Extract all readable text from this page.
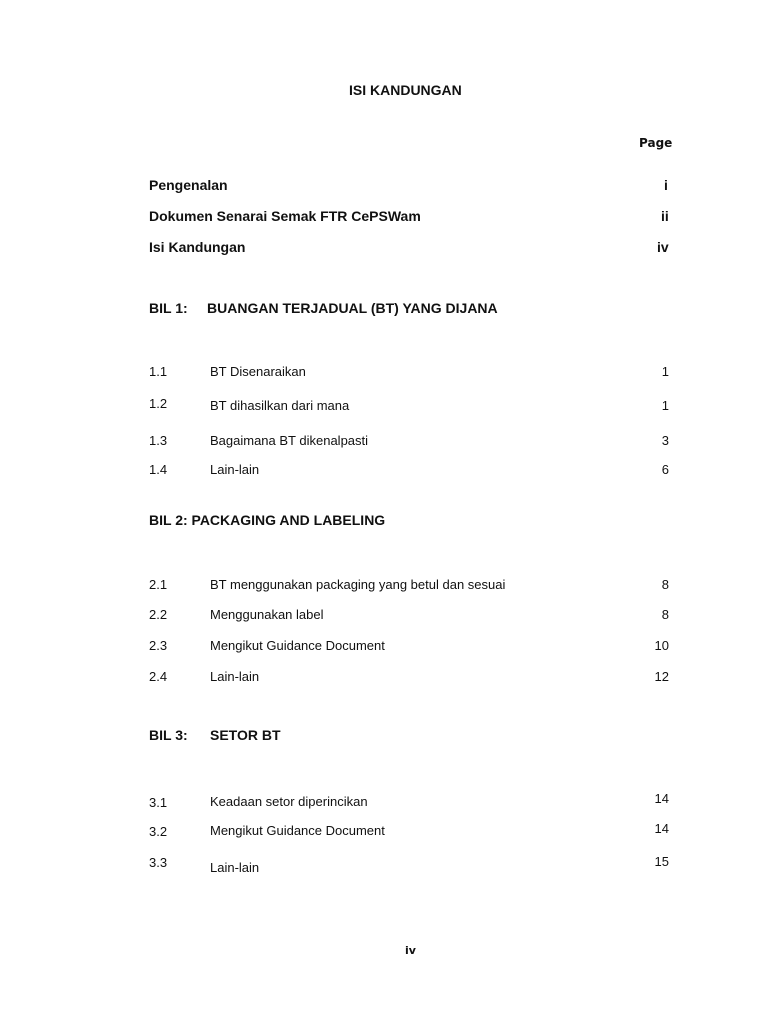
ISI KANDUNGAN
Page
Pengenalan	i
Dokumen Senarai Semak FTR CePSWam	ii
Isi Kandungan	iv
BIL 1: BUANGAN TERJADUAL (BT) YANG DIJANA
1.1	BT Disenaraikan	1
1.2	BT dihasilkan dari mana	1
1.3	Bagaimana BT dikenalpasti	3
1.4	Lain-lain	6
BIL 2: PACKAGING AND LABELING
2.1	BT menggunakan packaging yang betul dan sesuai	8
2.2	Menggunakan label	8
2.3	Mengikut Guidance Document	10
2.4	Lain-lain	12
BIL 3: SETOR BT
3.1	Keadaan setor diperincikan	14
3.2	Mengikut Guidance Document	14
3.3	Lain-lain	15
iv
